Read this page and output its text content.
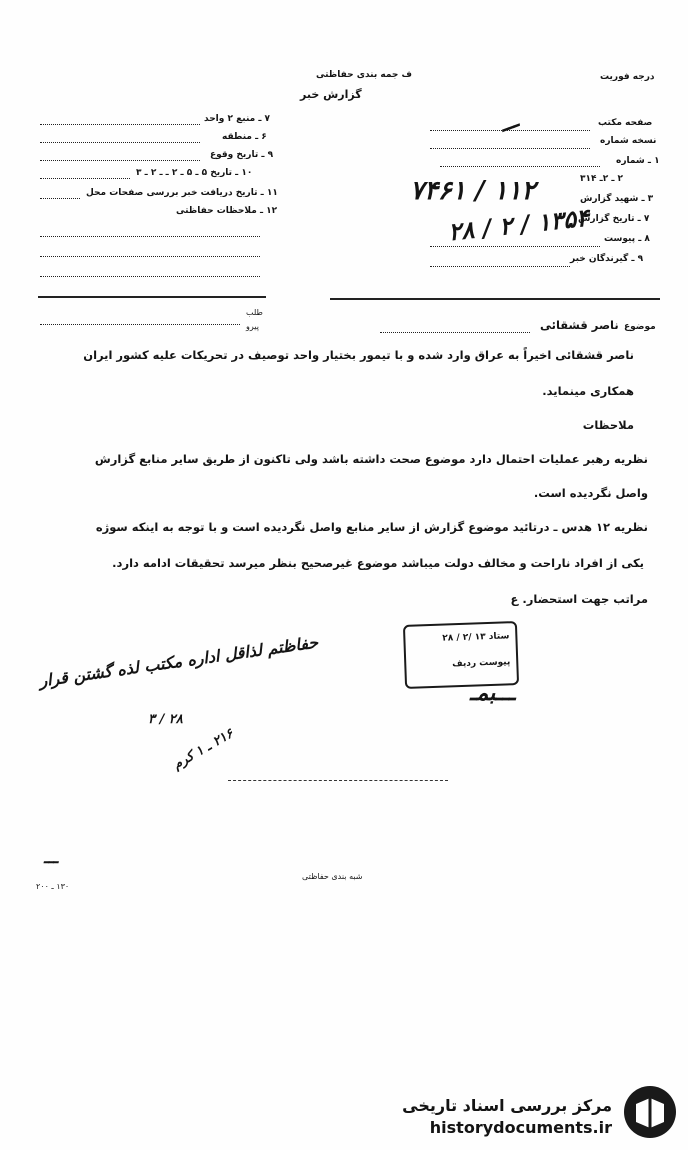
درجه فوریت
ف جمه بندی حفاظتی
گزارش خبر
صفحه مکتب
نسخه شماره
۱ ـ شماره
۲ ـ ۲ـ ۳۱۴
۳ ـ شهید گزارش
۷ ـ تاریخ گزارش
۸ ـ پیوست
۹ ـ گیرندگان خبر
۷ ـ منبع ۲ واحد
۶ ـ منطقه
۹ ـ تاریخ وقوع
۱۰ ـ تاریخ ۵ ـ ۵ ـ ۲ ـ ـ ۲ ـ ۳
۱۱ ـ تاریخ دریافت خبر بررسی صفحات محل
۱۲ ـ ملاحظات حفاظتی
۷۴۶۱ / ۱۱۲
۲۸ / ۲ / ۱۳۵۴
ـــ
طلب
پیرو	موضوع
ناصر قشقائی
ناصر قشقائی اخیراً به عراق وارد شده و با تیمور بختیار واحد توصیف در تحریکات علیه کشور ایران
همکاری مینماید.
ملاحظات
نظریه رهبر عملیات احتمال دارد موضوع صحت داشته باشد ولی تاکنون از طریق سایر منابع گزارش
واصل نگردیده است.
نظریه ۱۲ هدس ـ درتائید موضوع گزارش از سایر منابع واصل نگردیده است و با توجه به اینکه سوژه
یکی از افراد ناراحت و مخالف دولت میباشد موضوع غیرصحیح بنظر میرسد تحقیقات ادامه دارد.
مراتب جهت استحضار. ع
ستاد ۱۳ /۲ / ۲۸
پیوست ردیف
ـــبمـ
حفاظتم لذاقل اداره مکتب لذه گشتن قرار
۳ / ۲۸
۲۱۶ ـ ۱ کرم
ـــ
شبه بندی حفاظتی
۱۳۰ ـ ۲۰۰
مرکز بررسی اسناد تاریخی
historydocuments.ir
